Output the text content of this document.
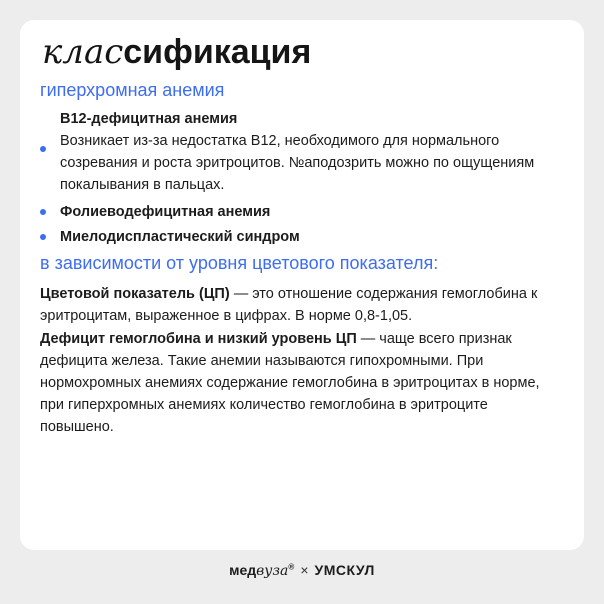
классификация
гиперхромная анемия
B12-дефицитная анемия
Возникает из-за недостатка B12, необходимого для нормального созревания и роста эритроцитов. №аподозрить можно по ощущениям покалывания в пальцах.
Фолиеводефицитная анемия
Миелодиспластический синдром
в зависимости от уровня цветового показателя:
Цветовой показатель (ЦП) — это отношение содержания гемоглобина к эритроцитам, выраженное в цифрах. В норме 0,8-1,05.
Дефицит гемоглобина и низкий уровень ЦП — чаще всего признак дефицита железа. Такие анемии называются гипохромными. При нормохромных анемиях содержание гемоглобина в эритроцитах в норме, при гиперхромных анемиях количество гемоглобина в эритроците повышено.
медвуза® × УМСКУЛ
